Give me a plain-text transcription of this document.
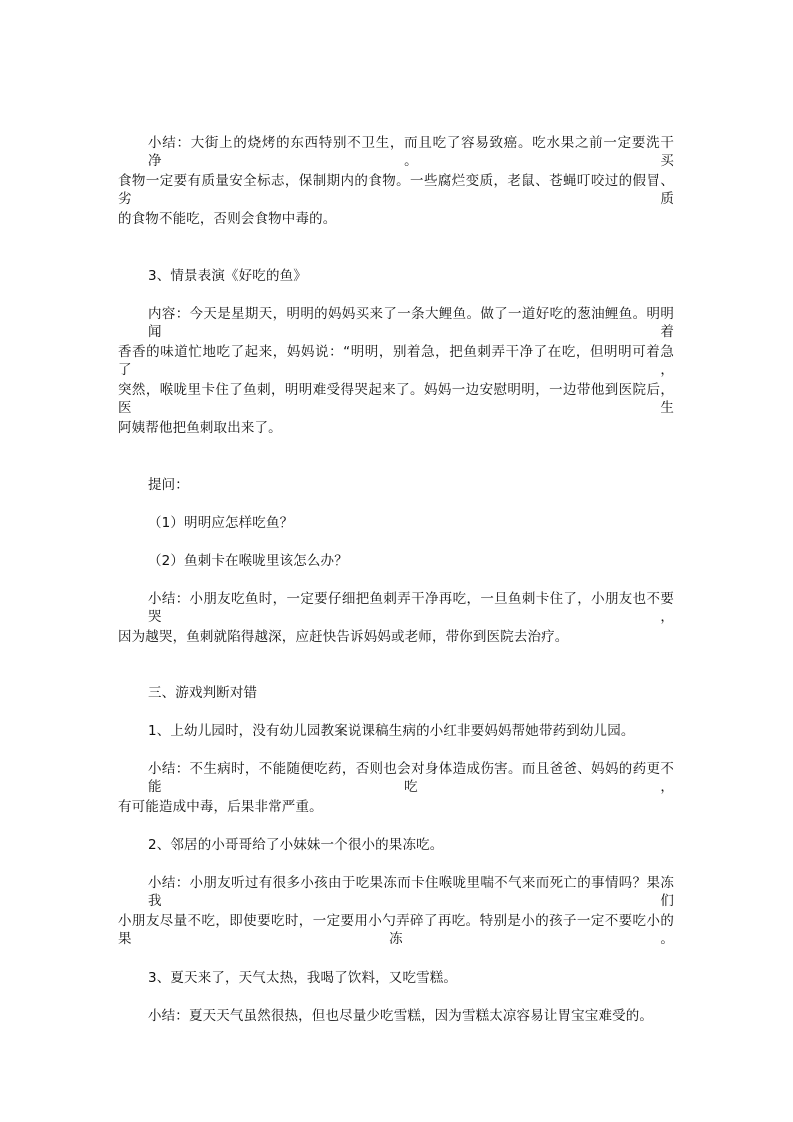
小结：大街上的烧烤的东西特别不卫生，而且吃了容易致癌。吃水果之前一定要洗干净。买
食物一定要有质量安全标志，保制期内的食物。一些腐烂变质，老鼠、苍蝇叮咬过的假冒、劣质
的食物不能吃，否则会食物中毒的。
3、情景表演《好吃的鱼》
内容：今天是星期天，明明的妈妈买来了一条大鲤鱼。做了一道好吃的葱油鲤鱼。明明闻着
香香的味道忙地吃了起来，妈妈说：“明明，别着急，把鱼刺弄干净了在吃，但明明可着急了，
突然，喉咙里卡住了鱼刺，明明难受得哭起来了。妈妈一边安慰明明，一边带他到医院后，医生
阿姨帮他把鱼刺取出来了。
提问：
（1）明明应怎样吃鱼？
（2）鱼刺卡在喉咙里该怎么办？
小结：小朋友吃鱼时，一定要仔细把鱼刺弄干净再吃，一旦鱼刺卡住了，小朋友也不要哭，
因为越哭，鱼刺就陷得越深，应赶快告诉妈妈或老师，带你到医院去治疗。
三、游戏判断对错
1、上幼儿园时，没有幼儿园教案说课稿生病的小红非要妈妈帮她带药到幼儿园。
小结：不生病时，不能随便吃药，否则也会对身体造成伤害。而且爸爸、妈妈的药更不能吃，
有可能造成中毒，后果非常严重。
2、邻居的小哥哥给了小妹妹一个很小的果冻吃。
小结：小朋友听过有很多小孩由于吃果冻而卡住喉咙里喘不气来而死亡的事情吗？果冻我们
小朋友尽量不吃，即使要吃时，一定要用小勺弄碎了再吃。特别是小的孩子一定不要吃小的果冻。
3、夏天来了，天气太热，我喝了饮料，又吃雪糕。
小结：夏天天气虽然很热，但也尽量少吃雪糕，因为雪糕太凉容易让胃宝宝难受的。
